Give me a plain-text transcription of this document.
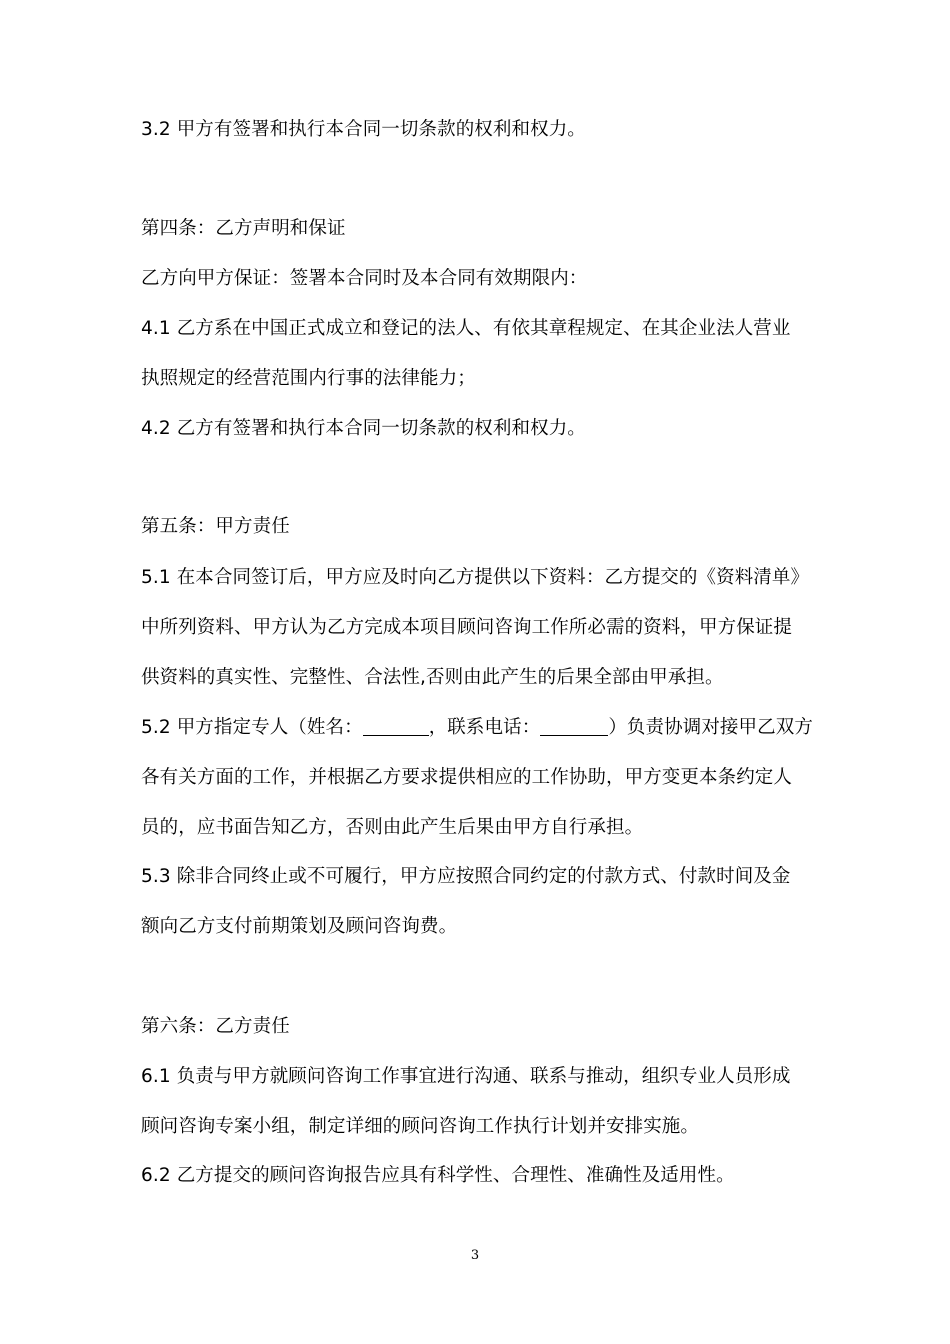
3.2 甲方有签署和执行本合同一切条款的权利和权力。
第四条：乙方声明和保证
乙方向甲方保证：签署本合同时及本合同有效期限内：
4.1 乙方系在中国正式成立和登记的法人、有依其章程规定、在其企业法人营业
执照规定的经营范围内行事的法律能力；
4.2 乙方有签署和执行本合同一切条款的权利和权力。
第五条：甲方责任
5.1 在本合同签订后，甲方应及时向乙方提供以下资料：乙方提交的《资料清单》
中所列资料、甲方认为乙方完成本项目顾问咨询工作所必需的资料，甲方保证提
供资料的真实性、完整性、合法性,否则由此产生的后果全部由甲承担。
5.2 甲方指定专人（姓名：	，联系电话：	）负责协调对接甲乙双方
各有关方面的工作，并根据乙方要求提供相应的工作协助，甲方变更本条约定人
员的，应书面告知乙方，否则由此产生后果由甲方自行承担。
5.3 除非合同终止或不可履行，甲方应按照合同约定的付款方式、付款时间及金
额向乙方支付前期策划及顾问咨询费。
第六条：乙方责任
6.1 负责与甲方就顾问咨询工作事宜进行沟通、联系与推动，组织专业人员形成
顾问咨询专案小组，制定详细的顾问咨询工作执行计划并安排实施。
6.2 乙方提交的顾问咨询报告应具有科学性、合理性、准确性及适用性。
3
